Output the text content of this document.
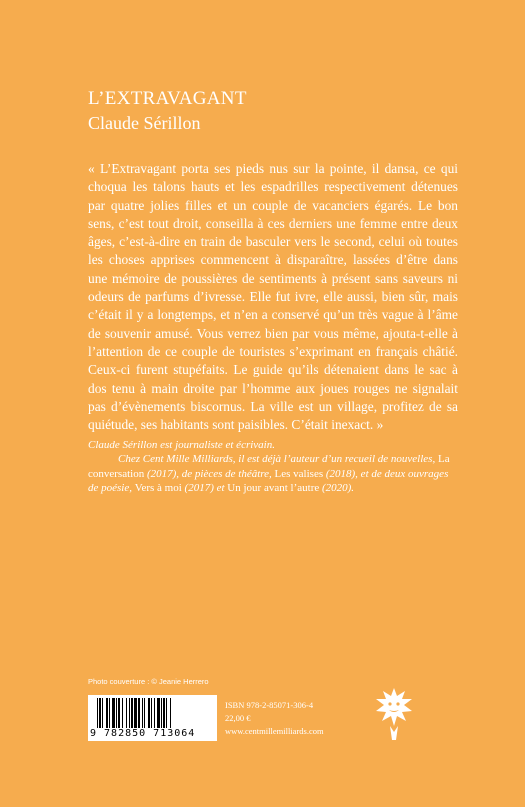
L’EXTRAVAGANT
Claude Sérillon

« L’Extravagant porta ses pieds nus sur la pointe, il dansa, ce qui choqua les talons hauts et les espadrilles respectivement détenues par quatre jolies filles et un couple de vacanciers égarés. Le bon sens, c’est tout droit, conseilla à ces derniers une femme entre deux âges, c’est-à-dire en train de basculer vers le second, celui où toutes les choses apprises commencent à disparaître, lassées d’être dans une mémoire de poussières de sentiments à présent sans saveurs ni odeurs de parfums d’ivresse. Elle fut ivre, elle aussi, bien sûr, mais c’était il y a longtemps, et n’en a conservé qu’un très vague à l’âme de souvenir amusé. Vous verrez bien par vous même, ajouta-t-elle à l’attention de ce couple de touristes s’exprimant en français châtié. Ceux-ci furent stupéfaits. Le guide qu’ils détenaient dans le sac à dos tenu à main droite par l’homme aux joues rouges ne signalait pas d’évènements biscornus. La ville est un village, profitez de sa quiétude, ses habitants sont paisibles. C’était inexact. »

Claude Sérillon est journaliste et écrivain.

Chez Cent Mille Milliards, il est déjà l’auteur d’un recueil de nouvelles, La conversation (2017), de pièces de théâtre, Les valises (2018), et de deux ouvrages de poésie, Vers à moi (2017) et Un jour avant l’autre (2020).

Photo couverture : © Jeanie Herrero
9 782850 713064
ISBN 978-2-85071-306-4
22,00 €
www.centmillemilliards.com
